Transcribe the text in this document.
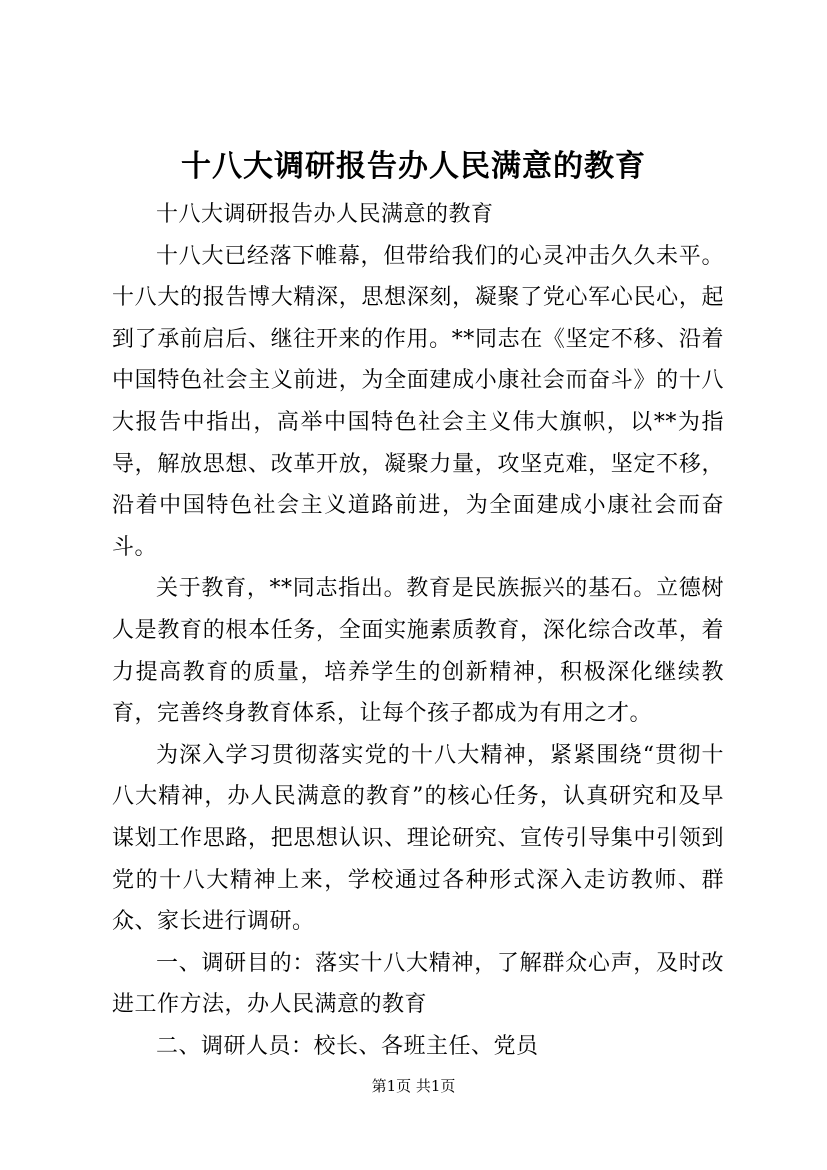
十八大调研报告办人民满意的教育

十八大调研报告办人民满意的教育

十八大已经落下帷幕，但带给我们的心灵冲击久久未平。十八大的报告博大精深，思想深刻，凝聚了党心军心民心，起到了承前启后、继往开来的作用。**同志在《坚定不移、沿着中国特色社会主义前进，为全面建成小康社会而奋斗》的十八大报告中指出，高举中国特色社会主义伟大旗帜，以**为指导，解放思想、改革开放，凝聚力量，攻坚克难，坚定不移，沿着中国特色社会主义道路前进，为全面建成小康社会而奋斗。

关于教育，**同志指出。教育是民族振兴的基石。立德树人是教育的根本任务，全面实施素质教育，深化综合改革，着力提高教育的质量，培养学生的创新精神，积极深化继续教育，完善终身教育体系，让每个孩子都成为有用之才。

为深入学习贯彻落实党的十八大精神，紧紧围绕“贯彻十八大精神，办人民满意的教育”的核心任务，认真研究和及早谋划工作思路，把思想认识、理论研究、宣传引导集中引领到党的十八大精神上来，学校通过各种形式深入走访教师、群众、家长进行调研。

一、调研目的：落实十八大精神，了解群众心声，及时改进工作方法，办人民满意的教育

二、调研人员：校长、各班主任、党员

第1页 共1页
